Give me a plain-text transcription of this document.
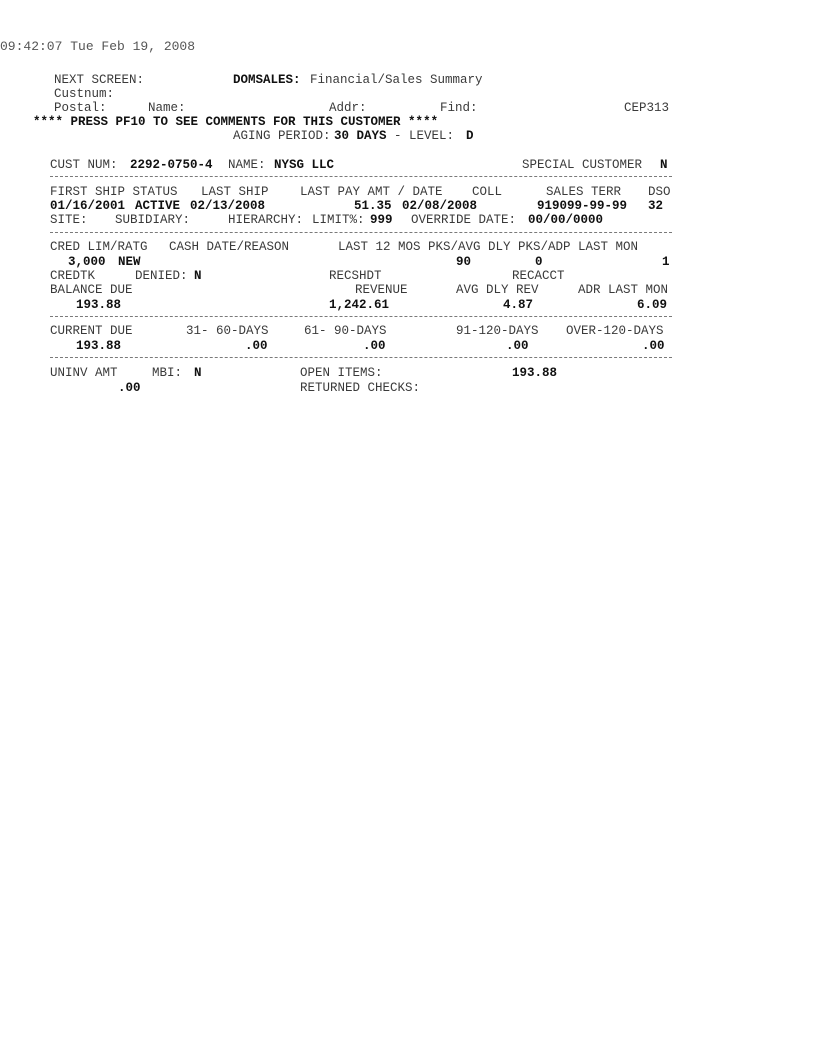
09:42:07 Tue Feb 19, 2008
NEXT SCREEN:	DOMSALES: Financial/Sales Summary
Custnum:
Postal:	Name:	Addr:	Find:	CEP313
**** PRESS PF10 TO SEE COMMENTS FOR THIS CUSTOMER ****
AGING PERIOD: 30 DAYS - LEVEL: D
CUST NUM: 2292-0750-4 NAME: NYSG LLC	SPECIAL CUSTOMER N
FIRST SHIP STATUS LAST SHIP	LAST PAY AMT / DATE COLL	SALES TERR DSO
01/16/2001 ACTIVE 02/13/2008	51.35 02/08/2008	919099-99-99 32
SITE: SUBIDIARY:	HIERARCHY: LIMIT%: 999 OVERRIDE DATE: 00/00/0000
CRED LIM/RATG CASH DATE/REASON	LAST 12 MOS PKS/AVG DLY PKS/ADP LAST MON
3,000 NEW	90	0	1
CREDTK	DENIED: N	RECSHDT	RECACCT
BALANCE DUE	REVENUE	AVG DLY REV	ADR LAST MON
193.88	1,242.61	4.87	6.09
CURRENT DUE	31- 60-DAYS	61- 90-DAYS	91-120-DAYS OVER-120-DAYS
193.88	.00	.00	.00	.00
UNINV AMT	MBI: N	OPEN ITEMS:	193.88
.00	RETURNED CHECKS:
